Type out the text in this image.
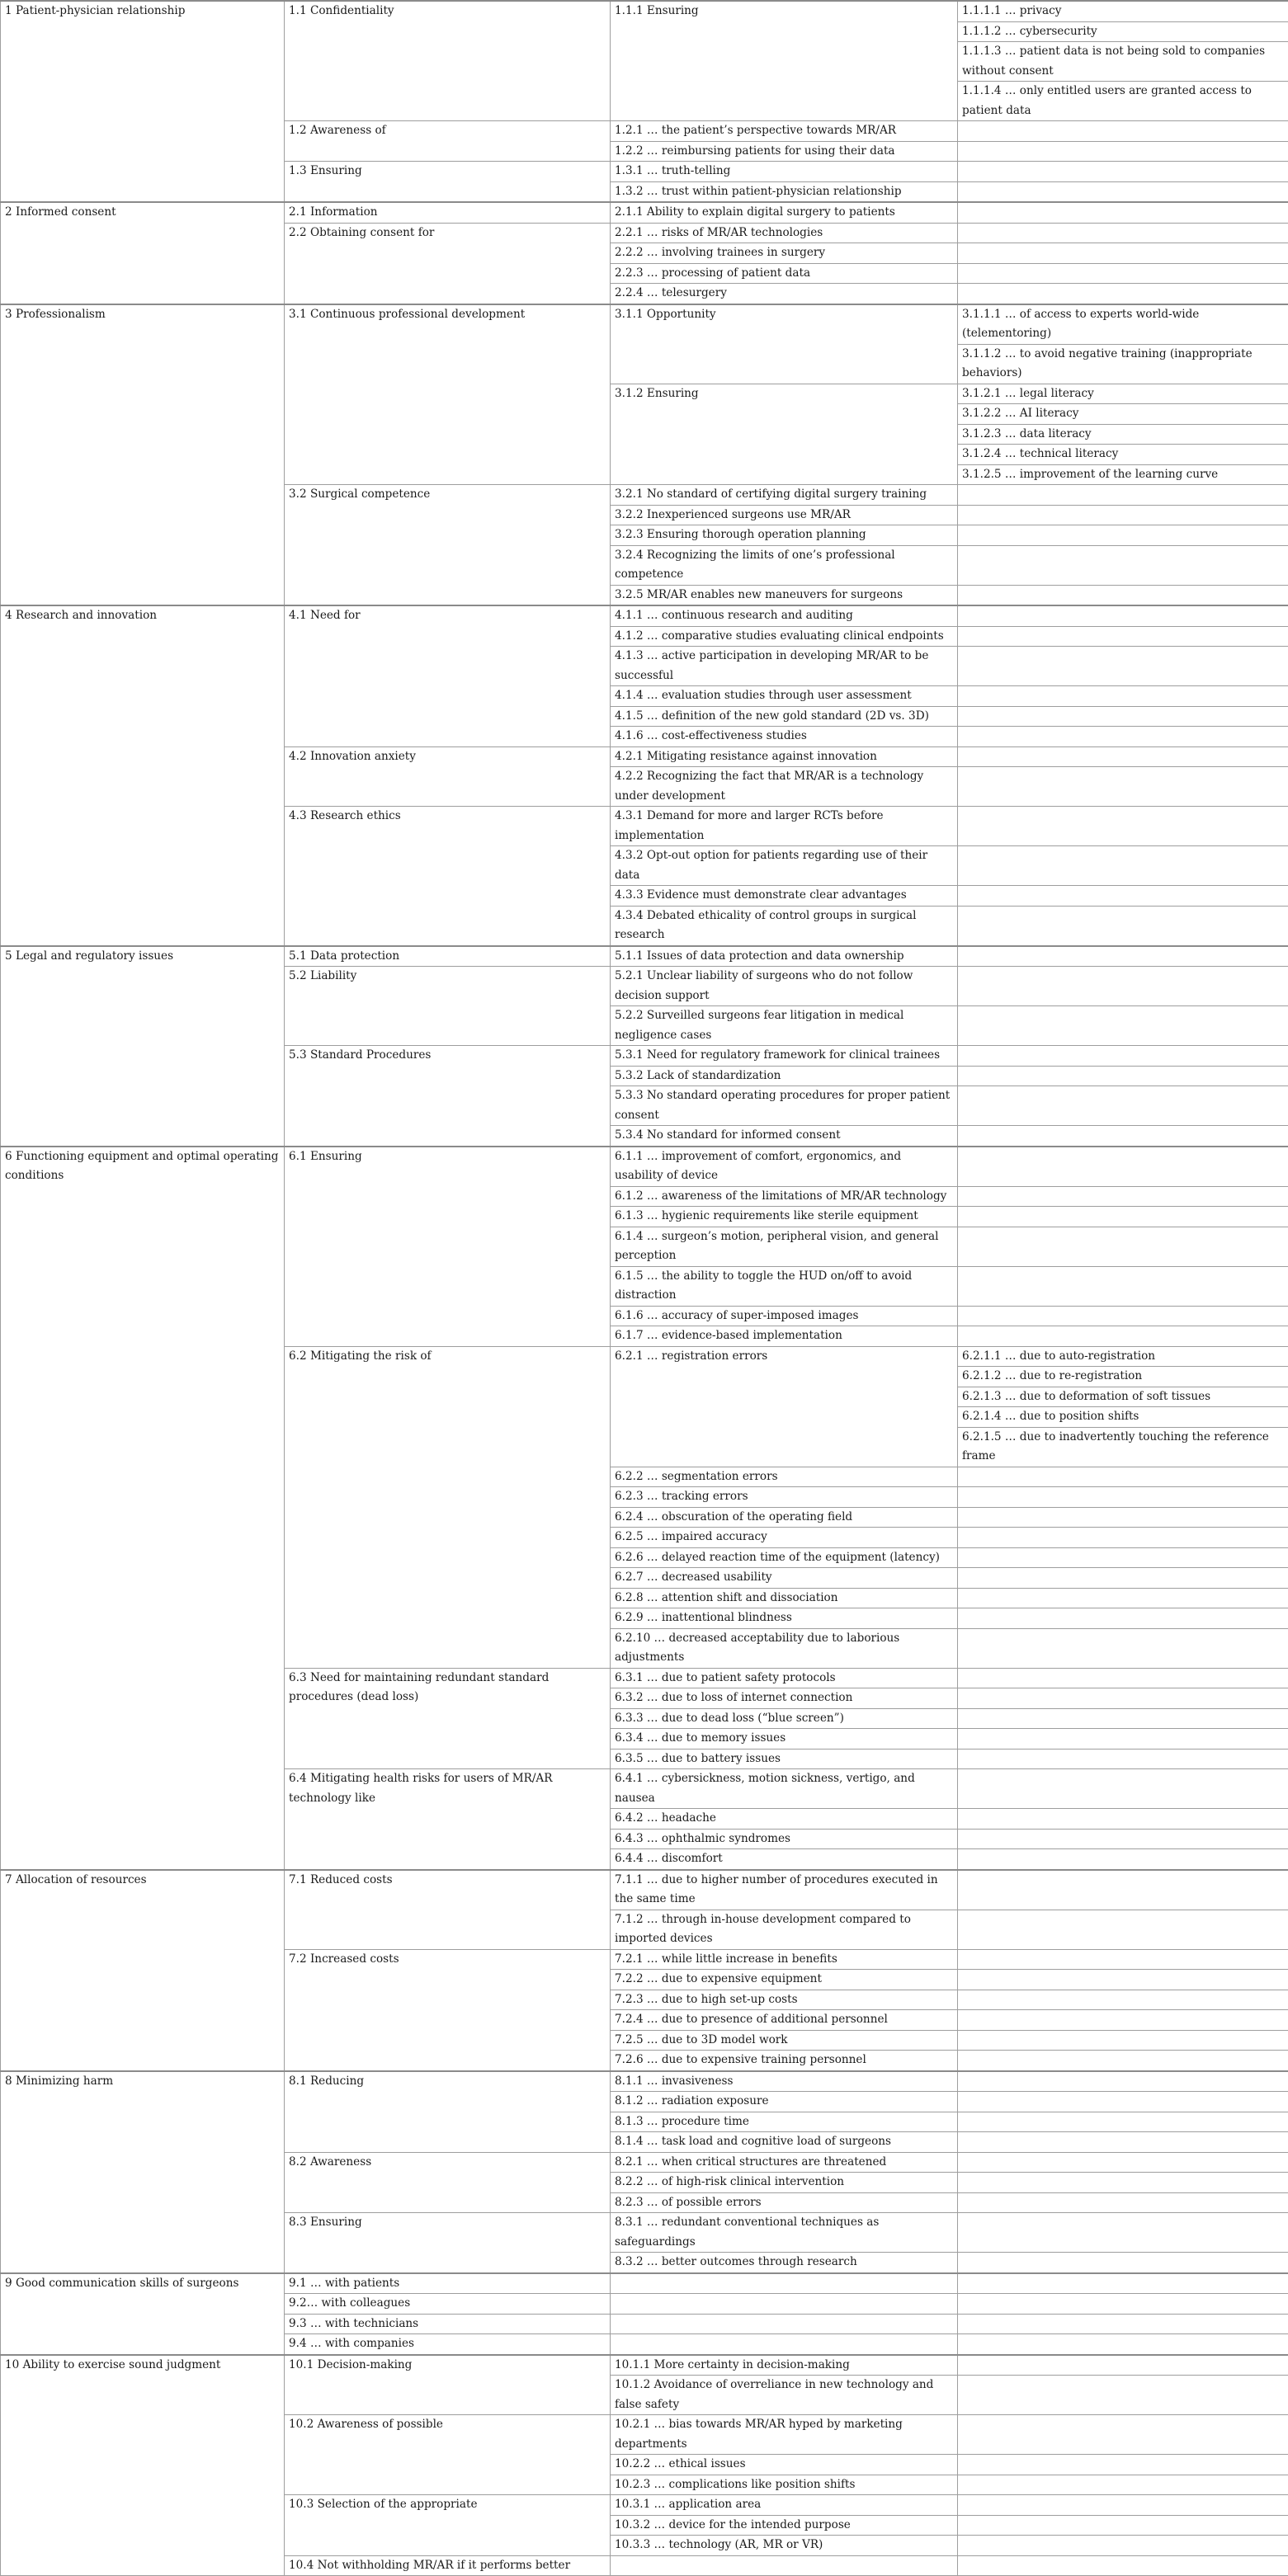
1 Patient-physician relationship	1.1 Confidentiality	1.1.1 Ensuring	1.1.1.1 … privacy
			1.1.1.2 … cybersecurity
			1.1.1.3 … patient data is not being sold to companies without consent
			1.1.1.4 … only entitled users are granted access to patient data
	1.2 Awareness of	1.2.1 … the patient’s perspective towards MR/AR	
		1.2.2 … reimbursing patients for using their data	
	1.3 Ensuring	1.3.1 … truth-telling	
		1.3.2 … trust within patient-physician relationship	
2 Informed consent	2.1 Information	2.1.1 Ability to explain digital surgery to patients	
	2.2 Obtaining consent for	2.2.1 … risks of MR/AR technologies	
		2.2.2 … involving trainees in surgery	
		2.2.3 … processing of patient data	
		2.2.4 … telesurgery	
3 Professionalism	3.1 Continuous professional development	3.1.1 Opportunity	3.1.1.1 … of access to experts world-wide (telementoring)
			3.1.1.2 … to avoid negative training (inappropriate behaviors)
		3.1.2 Ensuring	3.1.2.1 … legal literacy
			3.1.2.2 … AI literacy
			3.1.2.3 … data literacy
			3.1.2.4 … technical literacy
			3.1.2.5 … improvement of the learning curve
	3.2 Surgical competence	3.2.1 No standard of certifying digital surgery training	
		3.2.2 Inexperienced surgeons use MR/AR	
		3.2.3 Ensuring thorough operation planning	
		3.2.4 Recognizing the limits of one’s professional competence	
		3.2.5 MR/AR enables new maneuvers for surgeons	
4 Research and innovation	4.1 Need for	4.1.1 … continuous research and auditing	
		4.1.2 … comparative studies evaluating clinical endpoints	
		4.1.3 … active participation in developing MR/AR to be successful	
		4.1.4 … evaluation studies through user assessment	
		4.1.5 … definition of the new gold standard (2D vs. 3D)	
		4.1.6 … cost-effectiveness studies	
	4.2 Innovation anxiety	4.2.1 Mitigating resistance against innovation	
		4.2.2 Recognizing the fact that MR/AR is a technology under development	
	4.3 Research ethics	4.3.1 Demand for more and larger RCTs before implementation	
		4.3.2 Opt-out option for patients regarding use of their data	
		4.3.3 Evidence must demonstrate clear advantages	
		4.3.4 Debated ethicality of control groups in surgical research	
5 Legal and regulatory issues	5.1 Data protection	5.1.1 Issues of data protection and data ownership	
	5.2 Liability	5.2.1 Unclear liability of surgeons who do not follow decision support	
		5.2.2 Surveilled surgeons fear litigation in medical negligence cases	
	5.3 Standard Procedures	5.3.1 Need for regulatory framework for clinical trainees	
		5.3.2 Lack of standardization	
		5.3.3 No standard operating procedures for proper patient consent	
		5.3.4 No standard for informed consent	
6 Functioning equipment and optimal operating conditions	6.1 Ensuring	6.1.1 … improvement of comfort, ergonomics, and usability of device	
		6.1.2 … awareness of the limitations of MR/AR technology	
		6.1.3 … hygienic requirements like sterile equipment	
		6.1.4 … surgeon’s motion, peripheral vision, and general perception	
		6.1.5 … the ability to toggle the HUD on/off to avoid distraction	
		6.1.6 … accuracy of super-imposed images	
		6.1.7 … evidence-based implementation	
	6.2 Mitigating the risk of	6.2.1 … registration errors	6.2.1.1 … due to auto-registration
			6.2.1.2 … due to re-registration
			6.2.1.3 … due to deformation of soft tissues
			6.2.1.4 … due to position shifts
			6.2.1.5 … due to inadvertently touching the reference frame
		6.2.2 … segmentation errors	
		6.2.3 … tracking errors	
		6.2.4 … obscuration of the operating field	
		6.2.5 … impaired accuracy	
		6.2.6 … delayed reaction time of the equipment (latency)	
		6.2.7 … decreased usability	
		6.2.8 … attention shift and dissociation	
		6.2.9 … inattentional blindness	
		6.2.10 … decreased acceptability due to laborious adjustments	
	6.3 Need for maintaining redundant standard procedures (dead loss)	6.3.1 … due to patient safety protocols	
		6.3.2 … due to loss of internet connection	
		6.3.3 … due to dead loss (“blue screen”)	
		6.3.4 … due to memory issues	
		6.3.5 … due to battery issues	
	6.4 Mitigating health risks for users of MR/AR technology like	6.4.1 … cybersickness, motion sickness, vertigo, and nausea	
		6.4.2 … headache	
		6.4.3 … ophthalmic syndromes	
		6.4.4 … discomfort	
7 Allocation of resources	7.1 Reduced costs	7.1.1 … due to higher number of procedures executed in the same time	
		7.1.2 … through in-house development compared to imported devices	
	7.2 Increased costs	7.2.1 … while little increase in benefits	
		7.2.2 … due to expensive equipment	
		7.2.3 … due to high set-up costs	
		7.2.4 … due to presence of additional personnel	
		7.2.5 … due to 3D model work	
		7.2.6 … due to expensive training personnel	
8 Minimizing harm	8.1 Reducing	8.1.1 … invasiveness	
		8.1.2 … radiation exposure	
		8.1.3 … procedure time	
		8.1.4 … task load and cognitive load of surgeons	
	8.2 Awareness	8.2.1 … when critical structures are threatened	
		8.2.2 … of high-risk clinical intervention	
		8.2.3 … of possible errors	
	8.3 Ensuring	8.3.1 … redundant conventional techniques as safeguardings	
		8.3.2 … better outcomes through research	
9 Good communication skills of surgeons	9.1 … with patients		
	9.2… with colleagues		
	9.3 … with technicians		
	9.4 … with companies		
10 Ability to exercise sound judgment	10.1 Decision-making	10.1.1 More certainty in decision-making	
		10.1.2 Avoidance of overreliance in new technology and false safety	
	10.2 Awareness of possible	10.2.1 … bias towards MR/AR hyped by marketing departments	
		10.2.2 … ethical issues	
		10.2.3 … complications like position shifts	
	10.3 Selection of the appropriate	10.3.1 … application area	
		10.3.2 … device for the intended purpose	
		10.3.3 … technology (AR, MR or VR)	
	10.4 Not withholding MR/AR if it performs better		
